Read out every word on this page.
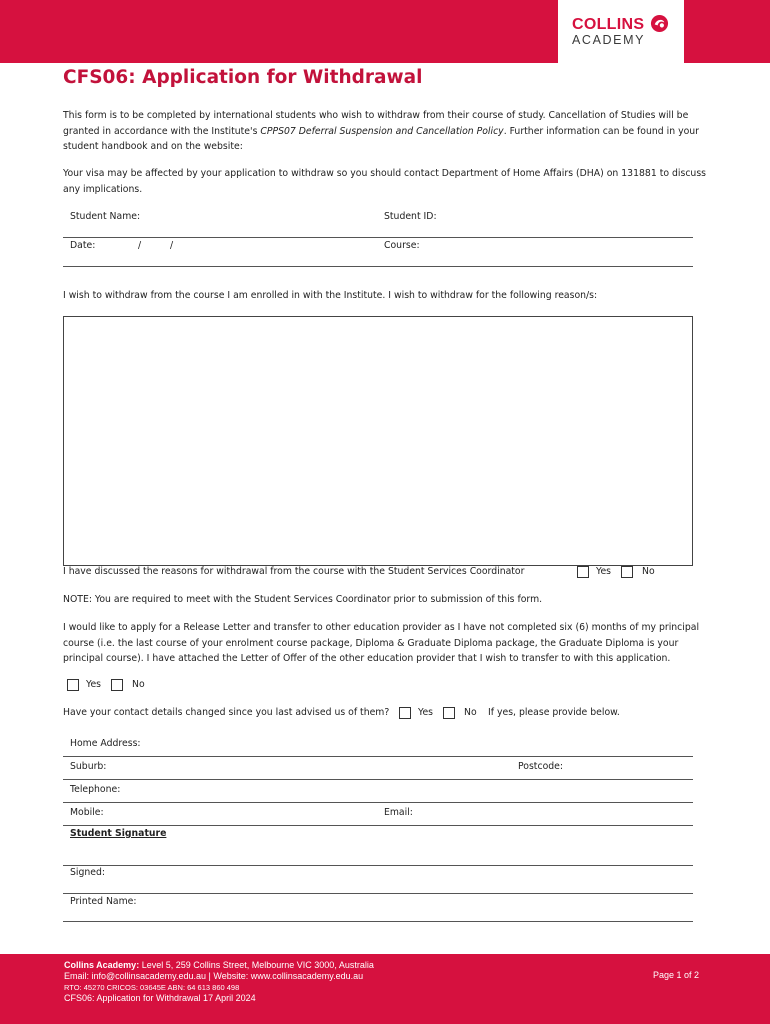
COLLINS
ACADEMY
CFS06: Application for Withdrawal
This form is to be completed by international students who wish to withdraw from their course of study. Cancellation of Studies will be granted in accordance with the Institute's CPPS07 Deferral Suspension and Cancellation Policy. Further information can be found in your student handbook and on the website:
Your visa may be affected by your application to withdraw so you should contact Department of Home Affairs (DHA) on 131881 to discuss any implications.
Student Name:	Student ID:
Date:	/	/	Course:
I wish to withdraw from the course I am enrolled in with the Institute. I wish to withdraw for the following reason/s:
I have discussed the reasons for withdrawal from the course with the Student Services Coordinator	Yes	No
NOTE: You are required to meet with the Student Services Coordinator prior to submission of this form.
I would like to apply for a Release Letter and transfer to other education provider as I have not completed six (6) months of my principal course (i.e. the last course of your enrolment course package, Diploma & Graduate Diploma package, the Graduate Diploma is your principal course). I have attached the Letter of Offer of the other education provider that I wish to transfer to with this application.
Yes	No
Have your contact details changed since you last advised us of them?	Yes	No If yes, please provide below.
Home Address:
Suburb:	Postcode:
Telephone:
Mobile:	Email:
Student Signature
Signed:
Printed Name:
Collins Academy: Level 5, 259 Collins Street, Melbourne VIC 3000, Australia
Email: info@collinsacademy.edu.au | Website: www.collinsacademy.edu.au
RTO: 45270 CRICOS: 03645E ABN: 64 613 860 498
CFS06: Application for Withdrawal 17 April 2024
Page 1 of 2
